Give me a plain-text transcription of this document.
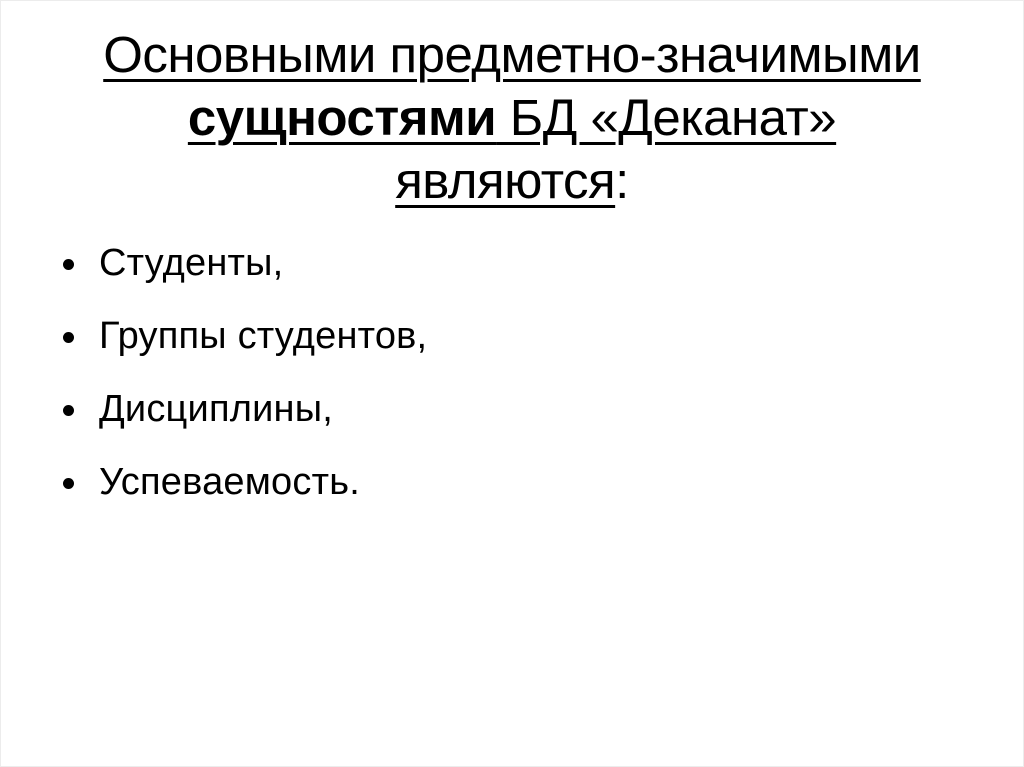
Основными предметно-значимыми
сущностями БД «Деканат»
являются:
Студенты,
Группы студентов,
Дисциплины,
Успеваемость.
